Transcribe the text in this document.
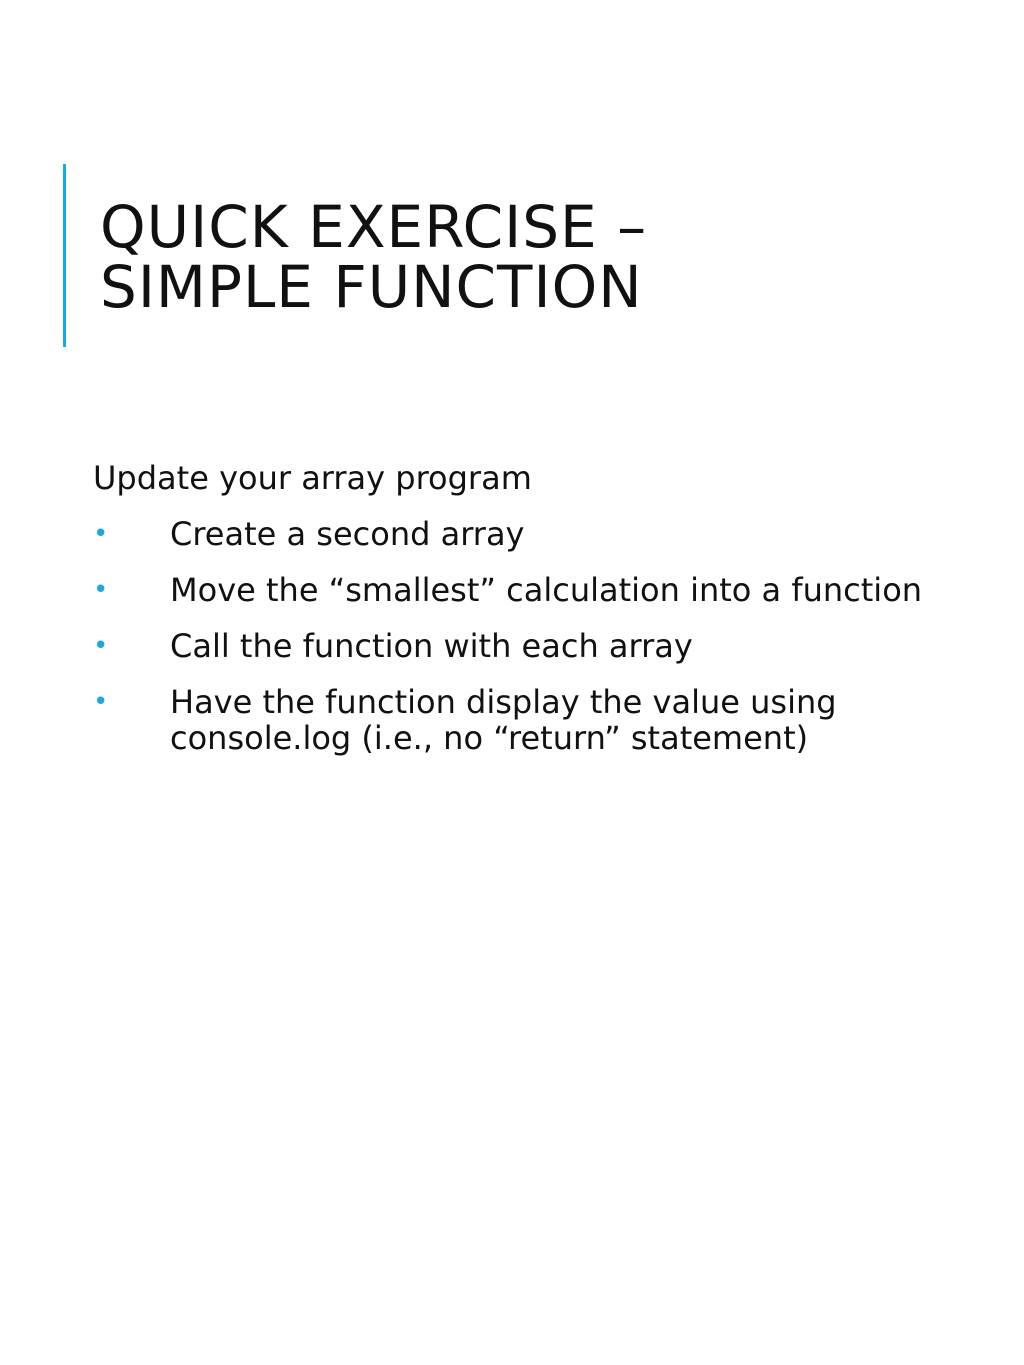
QUICK EXERCISE –
SIMPLE FUNCTION

Update your array program

• Create a second array
• Move the “smallest” calculation into a function
• Call the function with each array
• Have the function display the value using console.log (i.e., no “return” statement)
